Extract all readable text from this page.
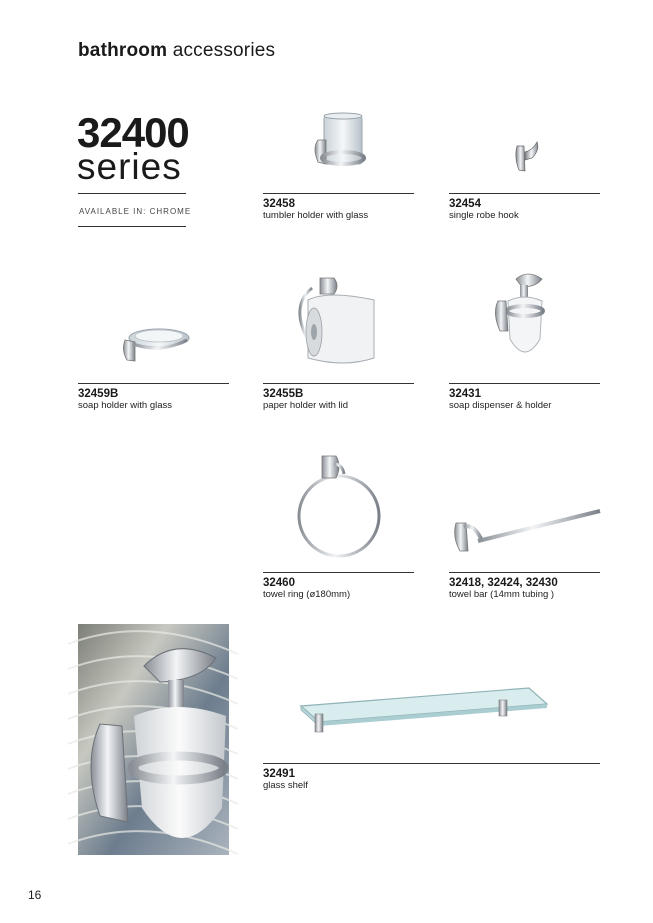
bathroom accessories
32400
series
AVAILABLE IN: CHROME
32458
tumbler holder with glass
32454
single robe hook
32459B
soap holder with glass
32455B
paper holder with lid
32431
soap dispenser & holder
32460
towel ring (ø180mm)
32418, 32424, 32430
towel bar (14mm tubing )
32491
glass shelf
16
